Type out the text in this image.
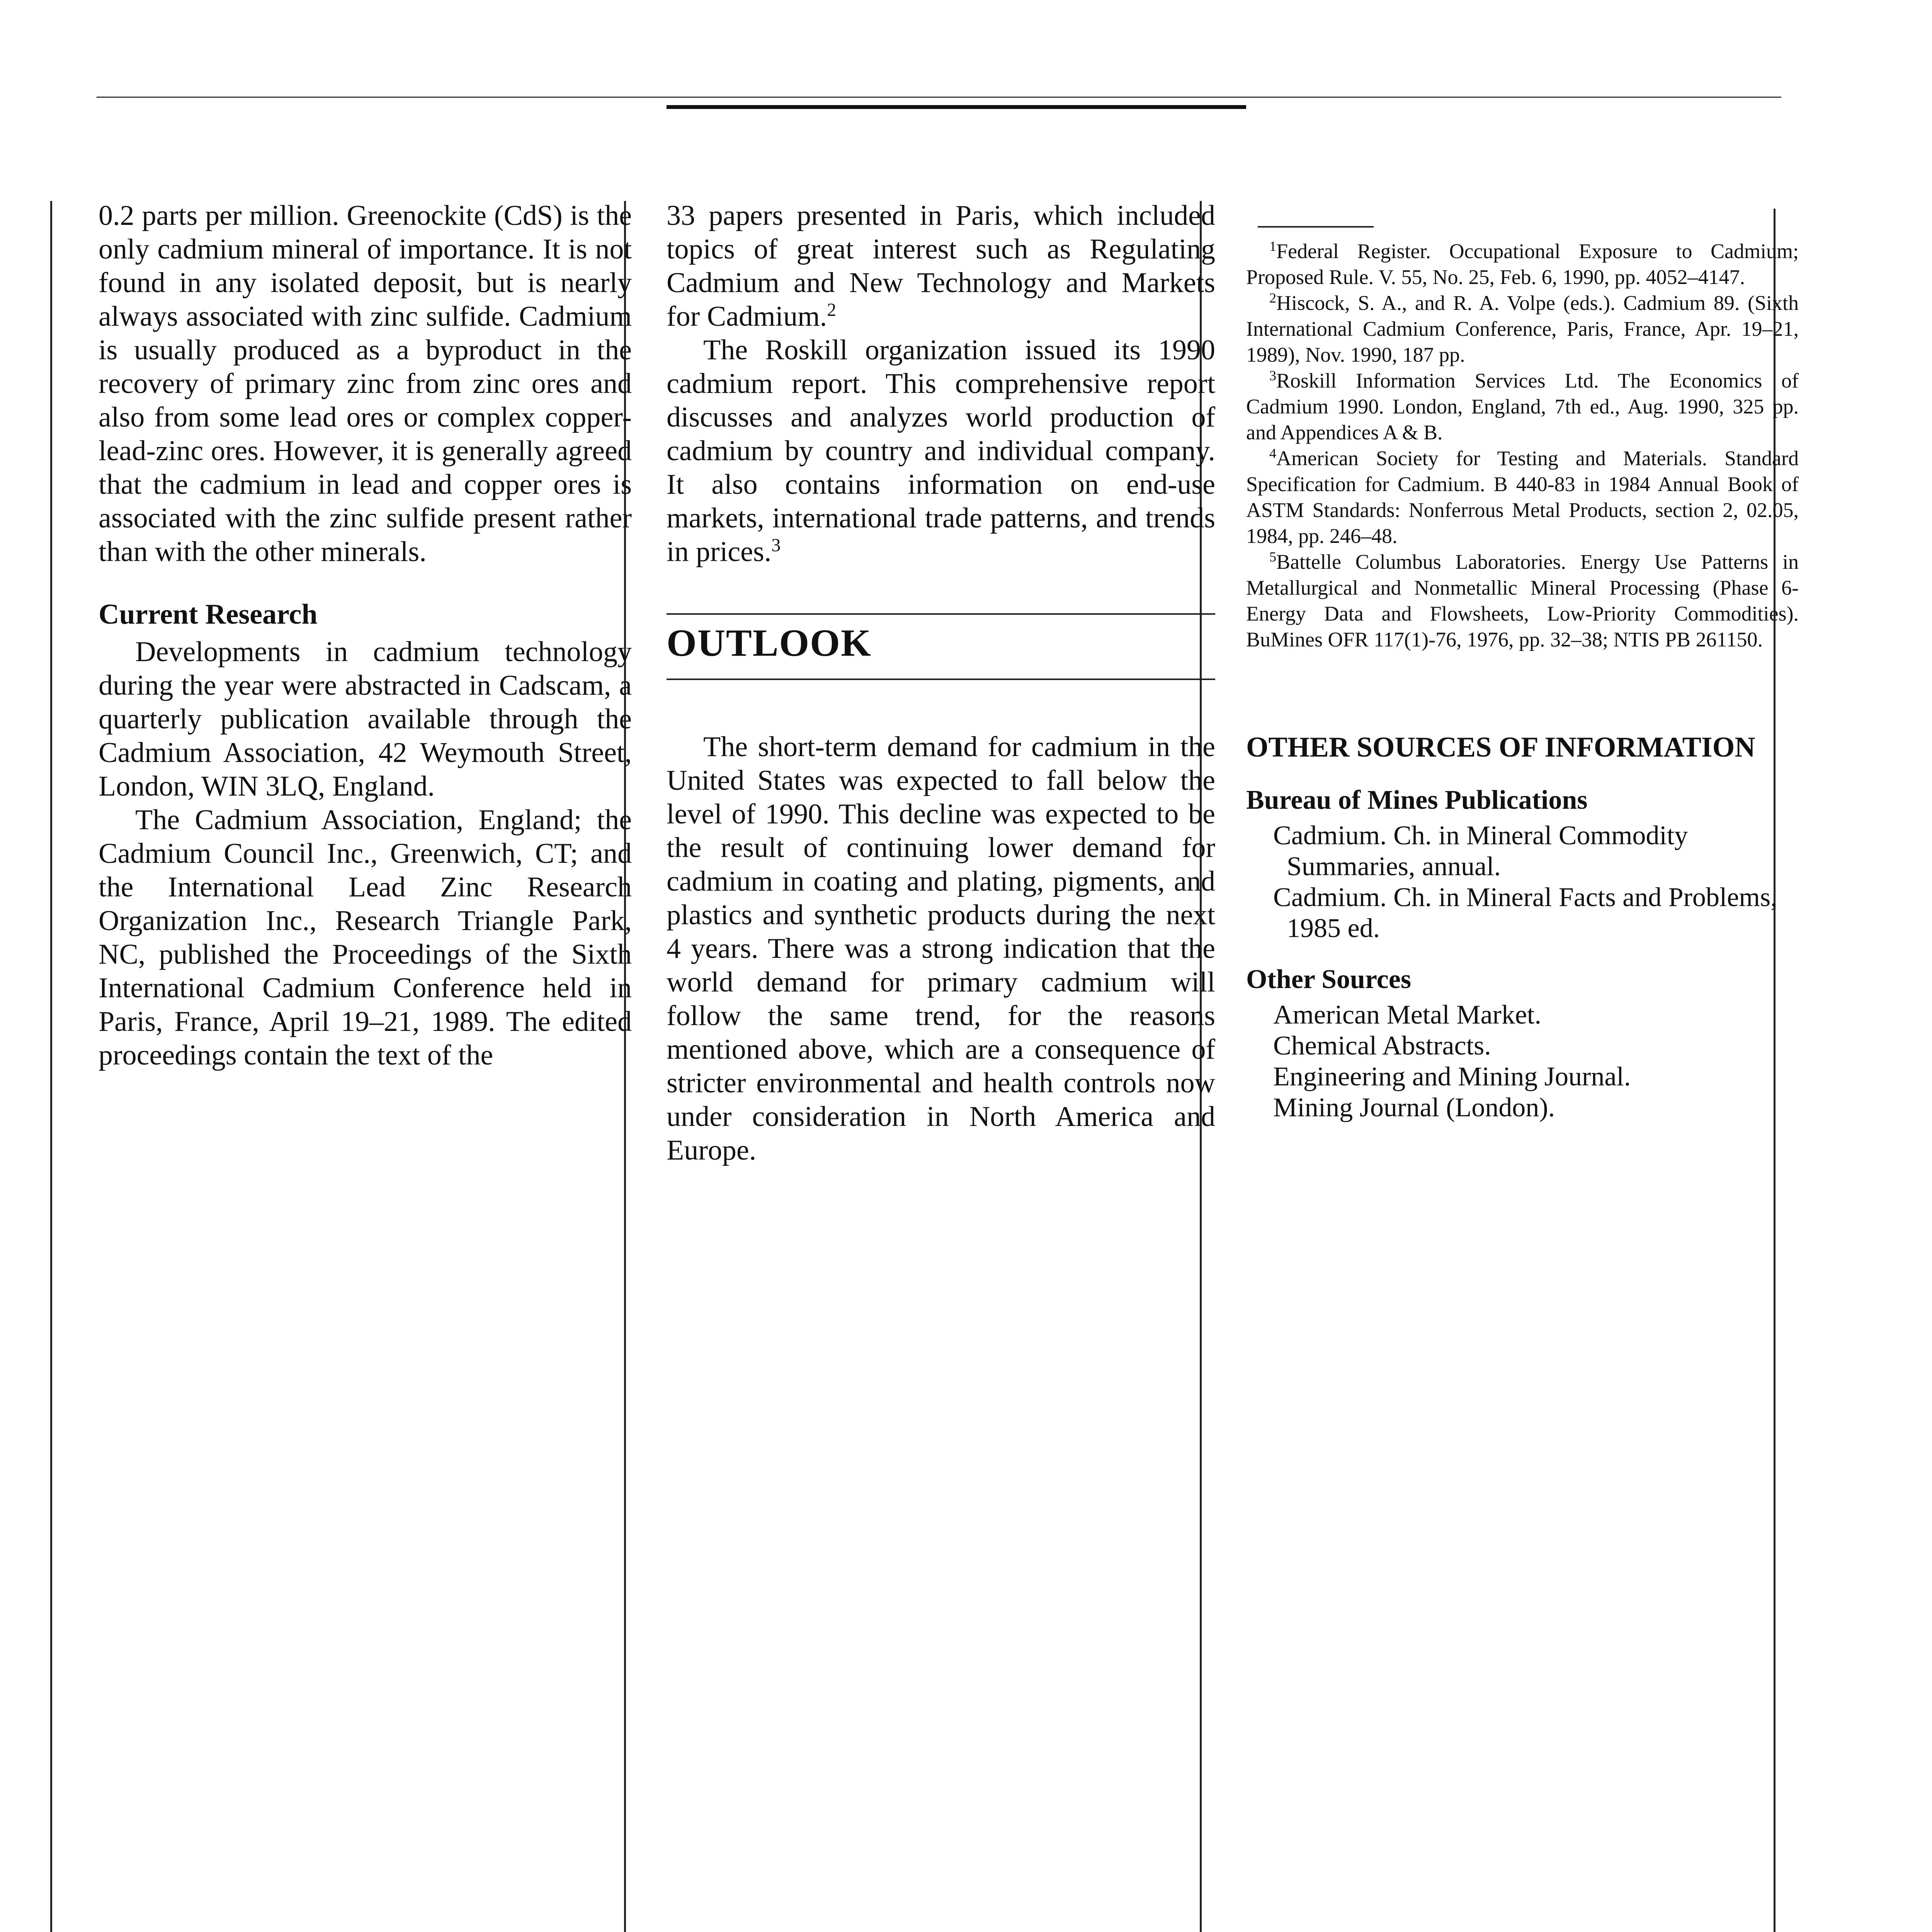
0.2 parts per million. Greenockite (CdS) is the only cadmium mineral of importance. It is not found in any isolated deposit, but is nearly always associated with zinc sulfide. Cadmium is usually produced as a byproduct in the recovery of primary zinc from zinc ores and also from some lead ores or complex copper-lead-zinc ores. However, it is generally agreed that the cadmium in lead and copper ores is associated with the zinc sulfide present rather than with the other minerals.

Current Research

Developments in cadmium technology during the year were abstracted in Cadscam, a quarterly publication available through the Cadmium Association, 42 Weymouth Street, London, WIN 3LQ, England.

The Cadmium Association, England; the Cadmium Council Inc., Greenwich, CT; and the International Lead Zinc Research Organization Inc., Research Triangle Park, NC, published the Proceedings of the Sixth International Cadmium Conference held in Paris, France, April 19–21, 1989. The edited proceedings contain the text of the

33 papers presented in Paris, which included topics of great interest such as Regulating Cadmium and New Technology and Markets for Cadmium.$^2$

The Roskill organization issued its 1990 cadmium report. This comprehensive report discusses and analyzes world production of cadmium by country and individual company. It also contains information on end-use markets, international trade patterns, and trends in prices.$^3$

OUTLOOK

The short-term demand for cadmium in the United States was expected to fall below the level of 1990. This decline was expected to be the result of continuing lower demand for cadmium in coating and plating, pigments, and plastics and synthetic products during the next 4 years. There was a strong indication that the world demand for primary cadmium will follow the same trend, for the reasons mentioned above, which are a consequence of stricter environmental and health controls now under consideration in North America and Europe.

$^1$Federal Register. Occupational Exposure to Cadmium; Proposed Rule. V. 55, No. 25, Feb. 6, 1990, pp. 4052–4147.

$^2$Hiscock, S. A., and R. A. Volpe (eds.). Cadmium 89. (Sixth International Cadmium Conference, Paris, France, Apr. 19–21, 1989), Nov. 1990, 187 pp.

$^3$Roskill Information Services Ltd. The Economics of Cadmium 1990. London, England, 7th ed., Aug. 1990, 325 pp. and Appendices A & B.

$^4$American Society for Testing and Materials. Standard Specification for Cadmium. B 440-83 in 1984 Annual Book of ASTM Standards: Nonferrous Metal Products, section 2, 02.05, 1984, pp. 246–48.

$^5$Battelle Columbus Laboratories. Energy Use Patterns in Metallurgical and Nonmetallic Mineral Processing (Phase 6-Energy Data and Flowsheets, Low-Priority Commodities). BuMines OFR 117(1)-76, 1976, pp. 32–38; NTIS PB 261150.

OTHER SOURCES OF INFORMATION
Bureau of Mines Publications
Cadmium. Ch. in Mineral Commodity Summaries, annual.
Cadmium. Ch. in Mineral Facts and Problems, 1985 ed.
Other Sources
American Metal Market.
Chemical Abstracts.
Engineering and Mining Journal.
Mining Journal (London).
